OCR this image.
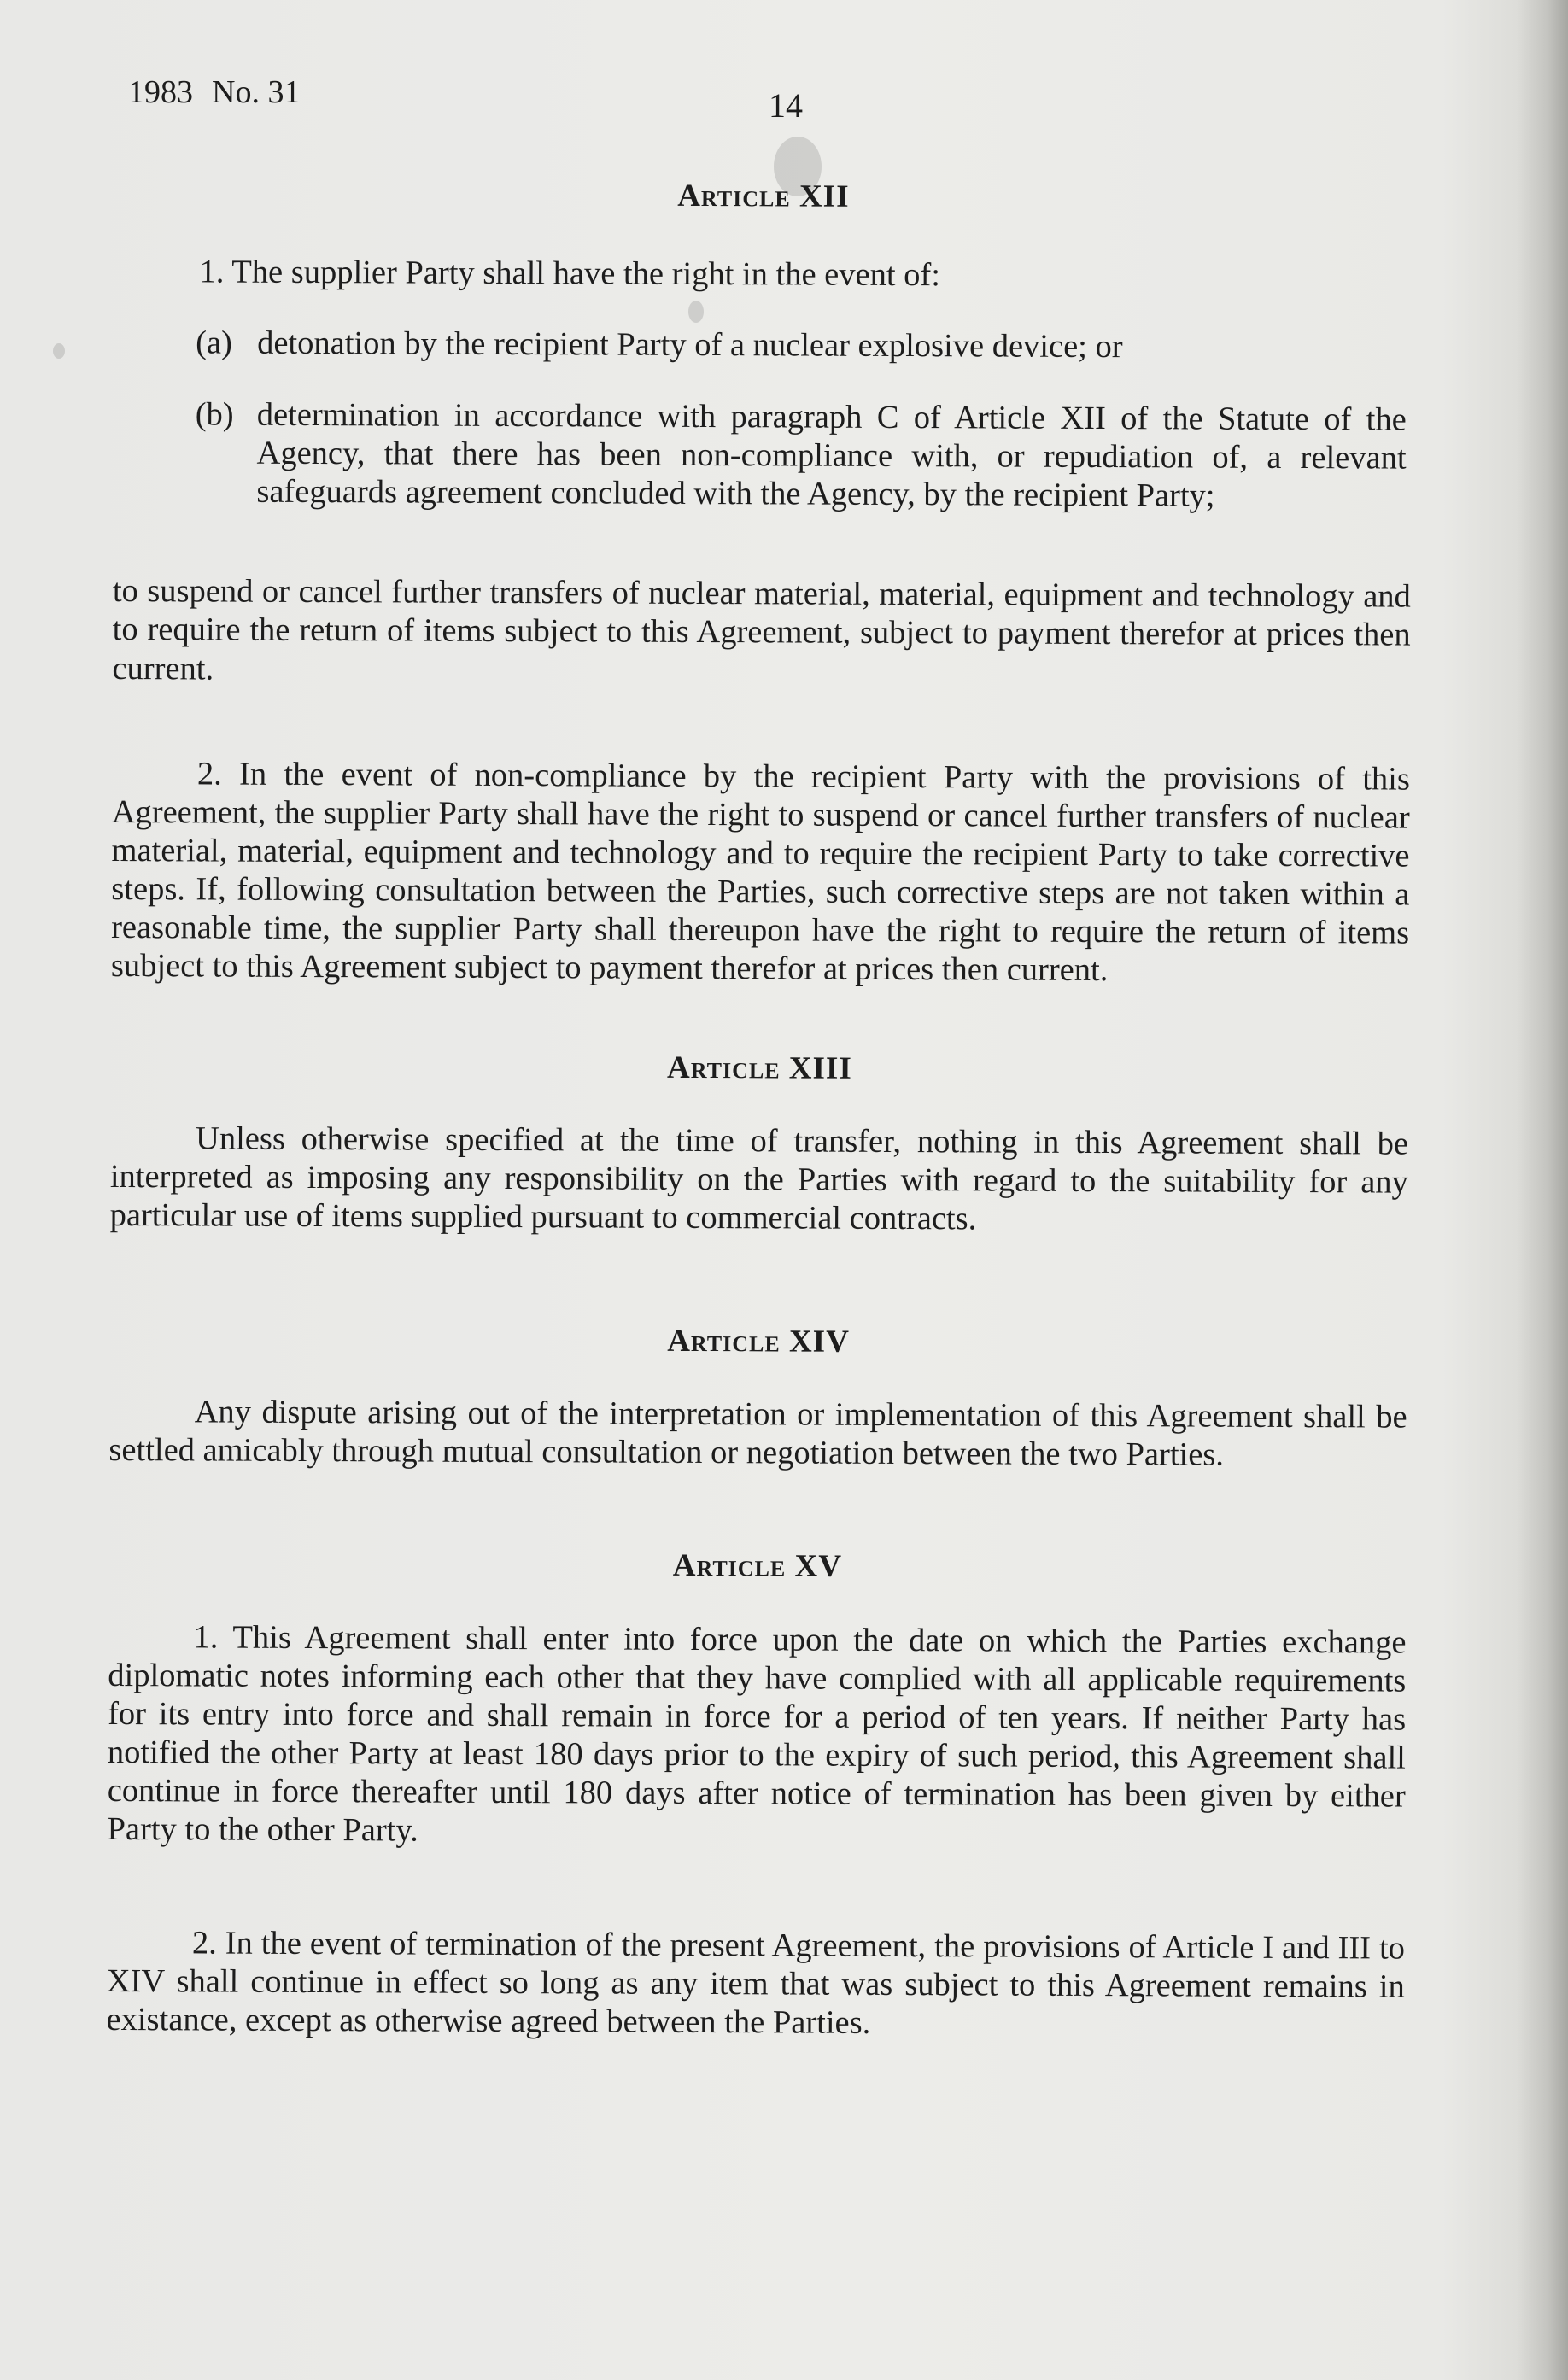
1983 No. 31	14
Article XII

1. The supplier Party shall have the right in the event of:

(a) detonation by the recipient Party of a nuclear explosive device; or
(b) determination in accordance with paragraph C of Article XII of the Statute of the Agency, that there has been non-compliance with, or repudiation of, a relevant safeguards agreement concluded with the Agency, by the recipient Party;

to suspend or cancel further transfers of nuclear material, material, equipment and technology and to require the return of items subject to this Agreement, subject to payment therefor at prices then current.

2. In the event of non-compliance by the recipient Party with the provisions of this Agreement, the supplier Party shall have the right to suspend or cancel further transfers of nuclear material, material, equipment and technology and to require the recipient Party to take corrective steps. If, following consultation between the Parties, such corrective steps are not taken within a reasonable time, the supplier Party shall thereupon have the right to require the return of items subject to this Agreement subject to payment therefor at prices then current.

Article XIII

Unless otherwise specified at the time of transfer, nothing in this Agreement shall be interpreted as imposing any responsibility on the Parties with regard to the suitability for any particular use of items supplied pursuant to commercial contracts.

Article XIV

Any dispute arising out of the interpretation or implementation of this Agreement shall be settled amicably through mutual consultation or negotiation between the two Parties.

Article XV

1. This Agreement shall enter into force upon the date on which the Parties exchange diplomatic notes informing each other that they have complied with all applicable requirements for its entry into force and shall remain in force for a period of ten years. If neither Party has notified the other Party at least 180 days prior to the expiry of such period, this Agreement shall continue in force thereafter until 180 days after notice of termination has been given by either Party to the other Party.

2. In the event of termination of the present Agreement, the provisions of Article I and III to XIV shall continue in effect so long as any item that was subject to this Agreement remains in existance, except as otherwise agreed between the Parties.
